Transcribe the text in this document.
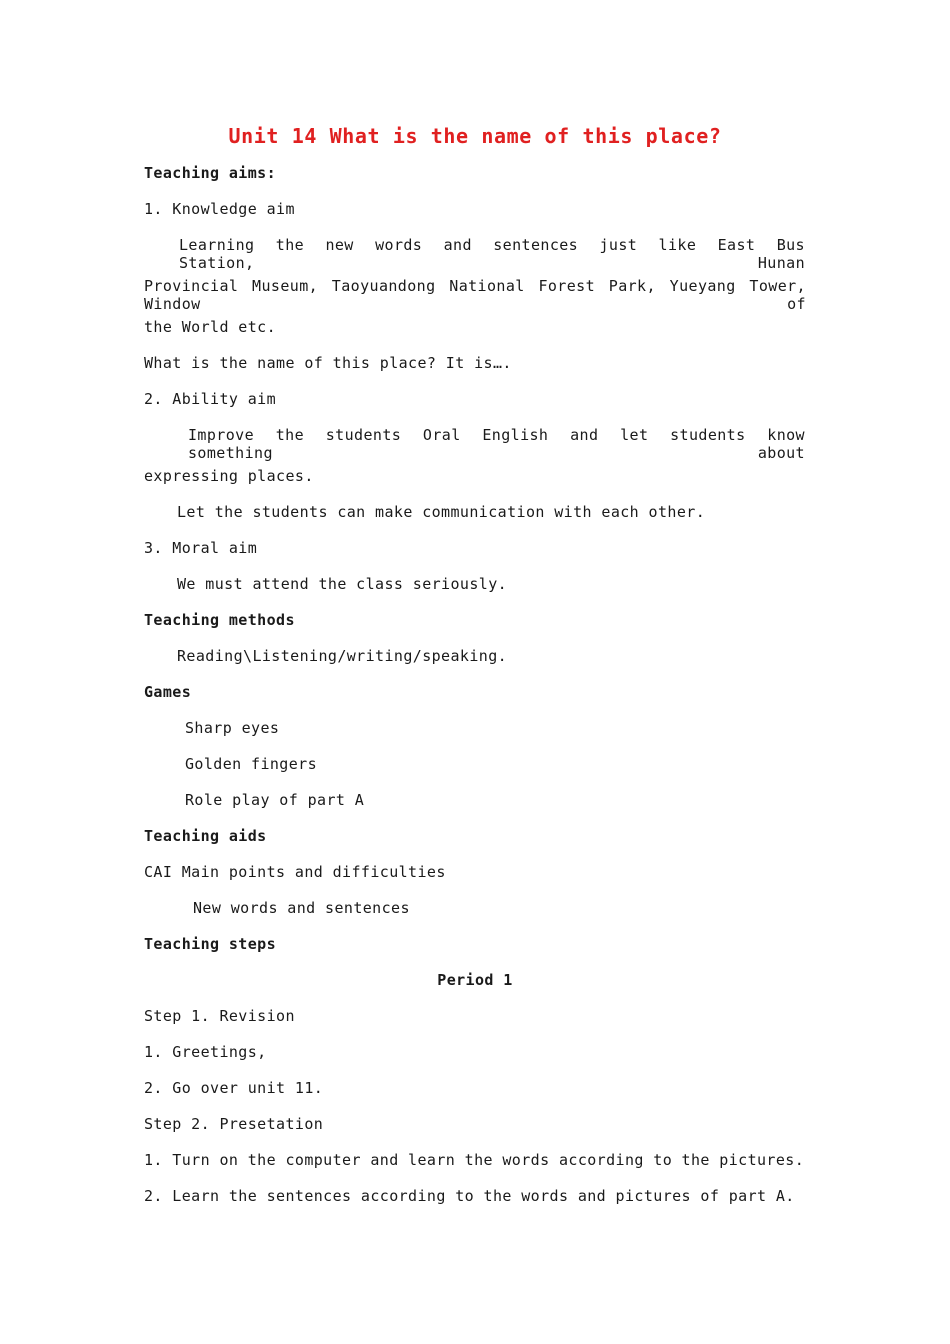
Unit 14 What is the name of this place?
Teaching aims:
1. Knowledge aim
Learning the new words and sentences just like East Bus Station, Hunan
Provincial Museum, Taoyuandong National Forest Park, Yueyang Tower, Window of
the World etc.
What is the name of this place? It is….
2. Ability aim
Improve the students Oral English and let students know something about
expressing places.
Let the students can make communication with each other.
3. Moral aim
We must attend the class seriously.
Teaching methods
Reading\Listening/writing/speaking.
Games
Sharp eyes
Golden fingers
Role play of part A
Teaching aids
CAI Main points and difficulties
New words and sentences
Teaching steps
Period 1
Step 1. Revision
1. Greetings,
2. Go over unit 11.
Step 2. Presetation
1. Turn on the computer and learn the words according to the pictures.
2. Learn the sentences according to the words and pictures of part A.
